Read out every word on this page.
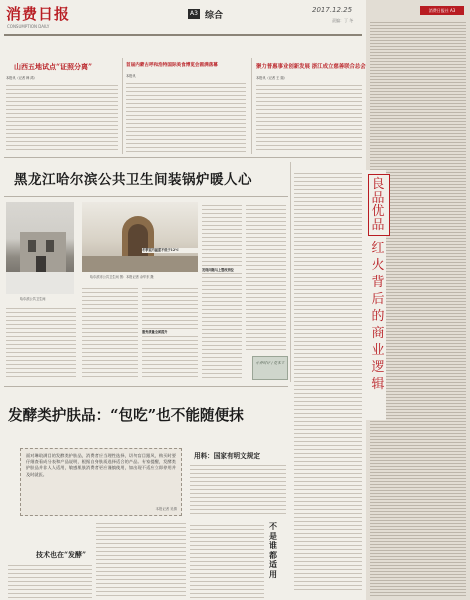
消费日报
CONSUMPTION DAILY
A3 综合
2017.12.25
责编：丁 冬
消费日报社 A3
山西五地试点“证照分离”
本报讯（记者 韩 鸿）
首届内蒙古呼和浩特国际美食博览会圆满落幕
本报讯
聚力普惠事业创新发展 浙江成立慈善联合总会
本报讯（记者 王 瑞）
黑龙江哈尔滨公共卫生间装锅炉暖人心
哈尔滨公共卫生间
哈尔滨市公共卫生间 图：本报记者 余华东 摄
冬季室内温度不低于12℃
发现问题马上整改到位
服务质量全面提升
小乔时评 / 党本立
良品优品
红火背后的商业逻辑
发酵类护肤品：“包吃”也不能随便抹
面对琳琅满目的发酵类护肤品，消费者应当理性选择，切勿盲目跟风，购买时要仔细查看成分表和产品说明，根据自身肤质选择适合的产品。专家提醒，发酵类护肤品并非人人适用，敏感肌肤消费者更应谨慎使用，如出现不适应立即停用并及时就医。
本报记者 吴倩
技术也在“发酵”
用料：国家有明文规定
不是谁都适用
